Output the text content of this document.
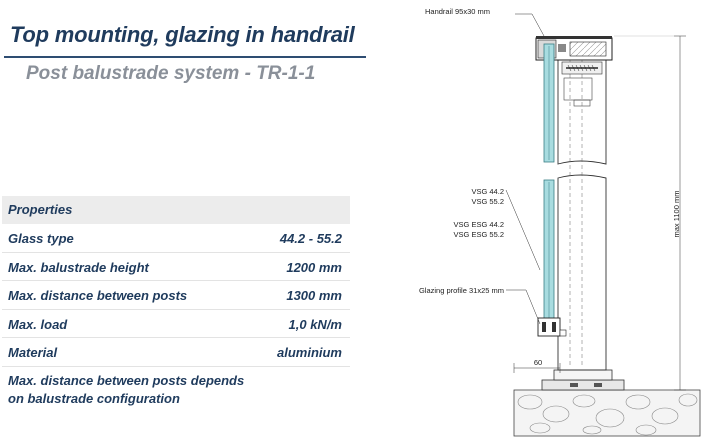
Top mounting, glazing in handrail
Post balustrade system - TR-1-1
Properties
Glass type	44.2 - 55.2
Max. balustrade height	1200 mm
Max. distance between posts	1300 mm
Max. load	1,0 kN/m
Material	aluminium
Max. distance between posts depends
on balustrade configuration
max 1100 mm
60
Handrail 95x30 mm
VSG 44.2
VSG 55.2
VSG ESG 44.2
VSG ESG 55.2
Glazing profile 31x25 mm
